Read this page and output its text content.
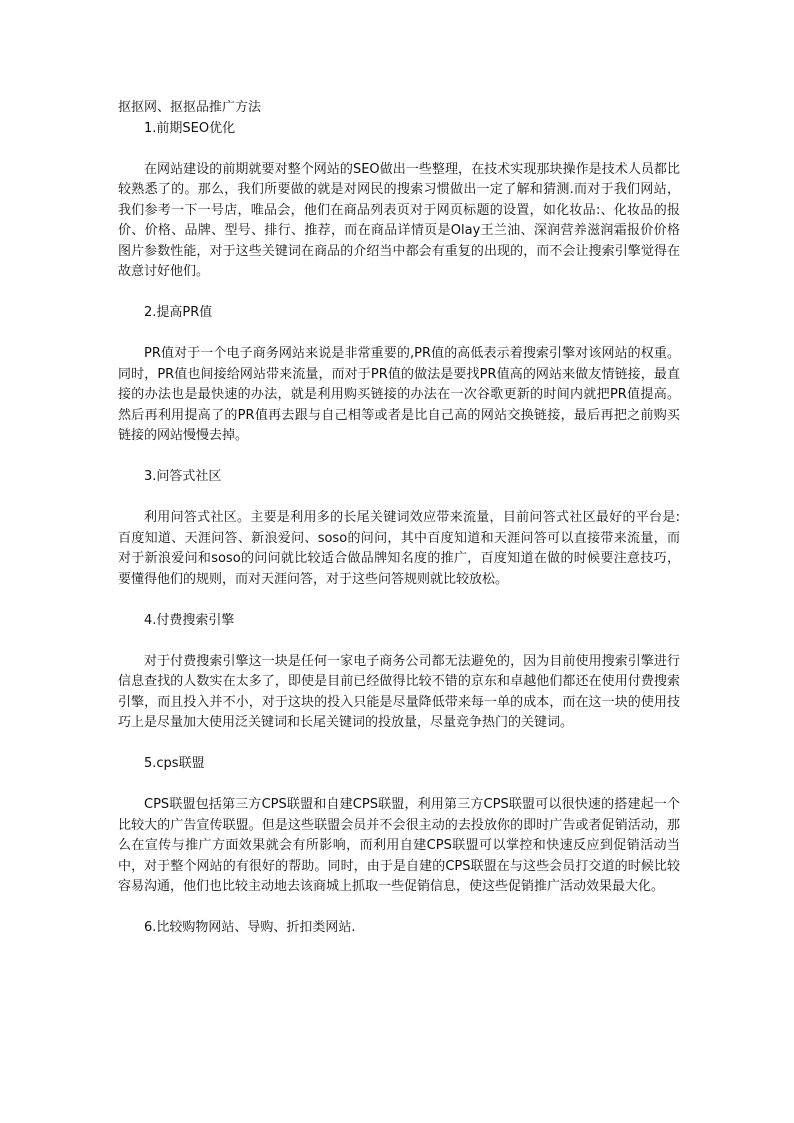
抠抠网、抠抠品推广方法
1.前期SEO优化

在网站建设的前期就要对整个网站的SEO做出一些整理，在技术实现那块操作是技术人员都比较熟悉了的。那么，我们所要做的就是对网民的搜索习惯做出一定了解和猜测.而对于我们网站，我们参考一下一号店，唯品会，他们在商品列表页对于网页标题的设置，如化妆品:、化妆品的报价、价格、品牌、型号、排行、推荐，而在商品详情页是Olay王兰油、深润营养滋润霜报价价格图片参数性能，对于这些关键词在商品的介绍当中都会有重复的出现的，而不会让搜索引擎觉得在故意讨好他们。

2.提高PR值

PR值对于一个电子商务网站来说是非常重要的,PR值的高低表示着搜索引擎对该网站的权重。同时，PR值也间接给网站带来流量，而对于PR值的做法是要找PR值高的网站来做友情链接，最直接的办法也是最快速的办法，就是利用购买链接的办法在一次谷歌更新的时间内就把PR值提高。然后再利用提高了的PR值再去跟与自己相等或者是比自己高的网站交换链接，最后再把之前购买链接的网站慢慢去掉。

3.问答式社区

利用问答式社区。主要是利用多的长尾关键词效应带来流量，目前问答式社区最好的平台是:百度知道、天涯问答、新浪爱问、soso的问问，其中百度知道和天涯问答可以直接带来流量，而对于新浪爱问和soso的问问就比较适合做品牌知名度的推广，百度知道在做的时候要注意技巧，要懂得他们的规则，而对天涯问答，对于这些问答规则就比较放松。

4.付费搜索引擎

对于付费搜索引擎这一块是任何一家电子商务公司都无法避免的，因为目前使用搜索引擎进行信息查找的人数实在太多了，即使是目前已经做得比较不错的京东和卓越他们都还在使用付费搜索引擎，而且投入并不小，对于这块的投入只能是尽量降低带来每一单的成本，而在这一块的使用技巧上是尽量加大使用泛关键词和长尾关键词的投放量，尽量竞争热门的关键词。

5.cps联盟

CPS联盟包括第三方CPS联盟和自建CPS联盟，利用第三方CPS联盟可以很快速的搭建起一个比较大的广告宣传联盟。但是这些联盟会员并不会很主动的去投放你的即时广告或者促销活动，那么在宣传与推广方面效果就会有所影响，而利用自建CPS联盟可以掌控和快速反应到促销活动当中，对于整个网站的有很好的帮助。同时，由于是自建的CPS联盟在与这些会员打交道的时候比较容易沟通，他们也比较主动地去该商城上抓取一些促销信息，使这些促销推广活动效果最大化。

6.比较购物网站、导购、折扣类网站.
